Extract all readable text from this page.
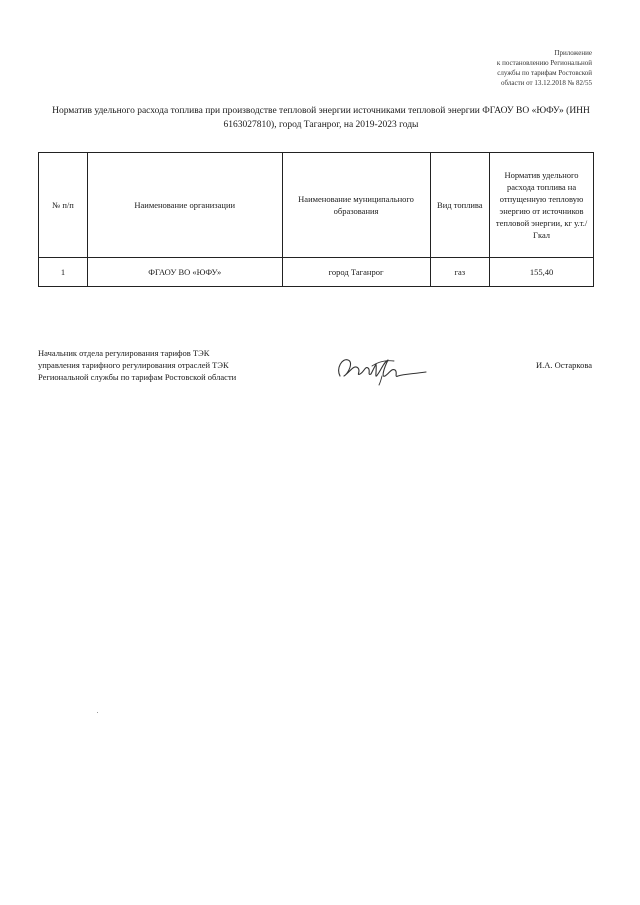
Приложение
к постановлению Региональной
службы по тарифам Ростовской
области от 13.12.2018 № 82/55
Норматив удельного расхода топлива при производстве тепловой энергии источниками тепловой энергии ФГАОУ ВО «ЮФУ» (ИНН 6163027810), город Таганрог, на 2019-2023 годы
№ п/п	Наименование организации	Наименование муниципального образования	Вид топлива	Норматив удельного расхода топлива на отпущенную тепловую энергию от источников тепловой энергии, кг у.т./Гкал
1	ФГАОУ ВО «ЮФУ»	город Таганрог	газ	155,40
Начальник отдела регулирования тарифов ТЭК
управления тарифного регулирования отраслей ТЭК
Региональной службы по тарифам Ростовской области
И.А. Остаркова
